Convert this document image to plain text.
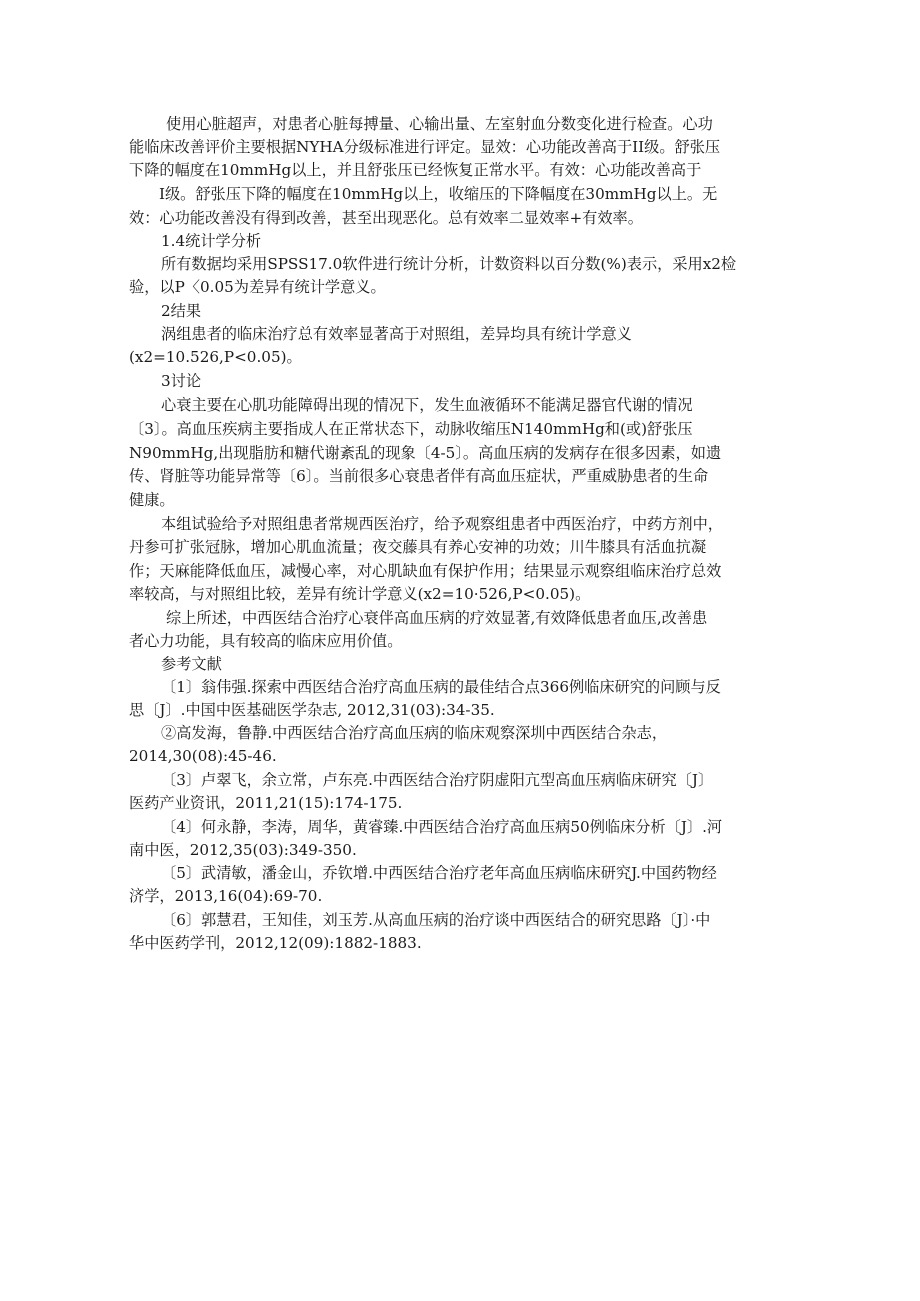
使用心脏超声，对患者心脏每搏量、心输出量、左室射血分数变化进行检查。心功

能临床改善评价主要根据NYHA分级标准进行评定。显效：心功能改善高于II级。舒张压

下降的幅度在10mmHg以上，并且舒张压已经恢复正常水平。有效：心功能改善高于

I级。舒张压下降的幅度在10mmHg以上，收缩压的下降幅度在30mmHg以上。无

效：心功能改善没有得到改善，甚至出现恶化。总有效率二显效率+有效率。

1.4统计学分析

所有数据均采用SPSS17.0软件进行统计分析，计数资料以百分数(%)表示，采用x2检

验，以P〈0.05为差异有统计学意义。

2结果

涡组患者的临床治疗总有效率显著高于对照组，差异均具有统计学意义

(x2=10.526,P<0.05)。

3讨论

心衰主要在心肌功能障碍出现的情况下，发生血液循环不能满足器官代谢的情况

〔3〕。高血压疾病主要指成人在正常状态下，动脉收缩压N140mmHg和(或)舒张压

N90mmHg,出现脂肪和糖代谢紊乱的现象〔4-5〕。高血压病的发病存在很多因素，如遗

传、肾脏等功能异常等〔6〕。当前很多心衰患者伴有高血压症状，严重威胁患者的生命

健康。

本组试验给予对照组患者常规西医治疗，给予观察组患者中西医治疗，中药方剂中，

丹参可扩张冠脉，增加心肌血流量；夜交藤具有养心安神的功效；川牛膝具有活血抗凝

作；天麻能降低血压，减慢心率，对心肌缺血有保护作用；结果显示观察组临床治疗总效

率较高，与对照组比较，差异有统计学意义(x2=10·526,P<0.05)。

综上所述，中西医结合治疗心衰伴高血压病的疗效显著,有效降低患者血压,改善患

者心力功能，具有较高的临床应用价值。

参考文献

〔1〕翁伟强.探索中西医结合治疗高血压病的最佳结合点366例临床研究的问顾与反

思〔J〕.中国中医基础医学杂志, 2012,31(03):34-35.

②高发海，鲁静.中西医结合治疗高血压病的临床观察深圳中西医结合杂志，

2014,30(08):45-46.

〔3〕卢翠飞，余立常，卢东亮.中西医结合治疗阴虚阳亢型高血压病临床研究〔J〕

医药产业资讯，2011,21(15):174-175.

〔4〕何永静，李涛，周华，黄睿臻.中西医结合治疗高血压病50例临床分析〔J〕.河

南中医，2012,35(03):349-350.

〔5〕武清敏，潘金山，乔钦增.中西医结合治疗老年高血压病临床研究J.中国药物经

济学，2013,16(04):69-70.

〔6〕郭慧君，王知佳，刘玉芳.从高血压病的治疗谈中西医结合的研究思路〔J〕·中

华中医药学刊，2012,12(09):1882-1883.
